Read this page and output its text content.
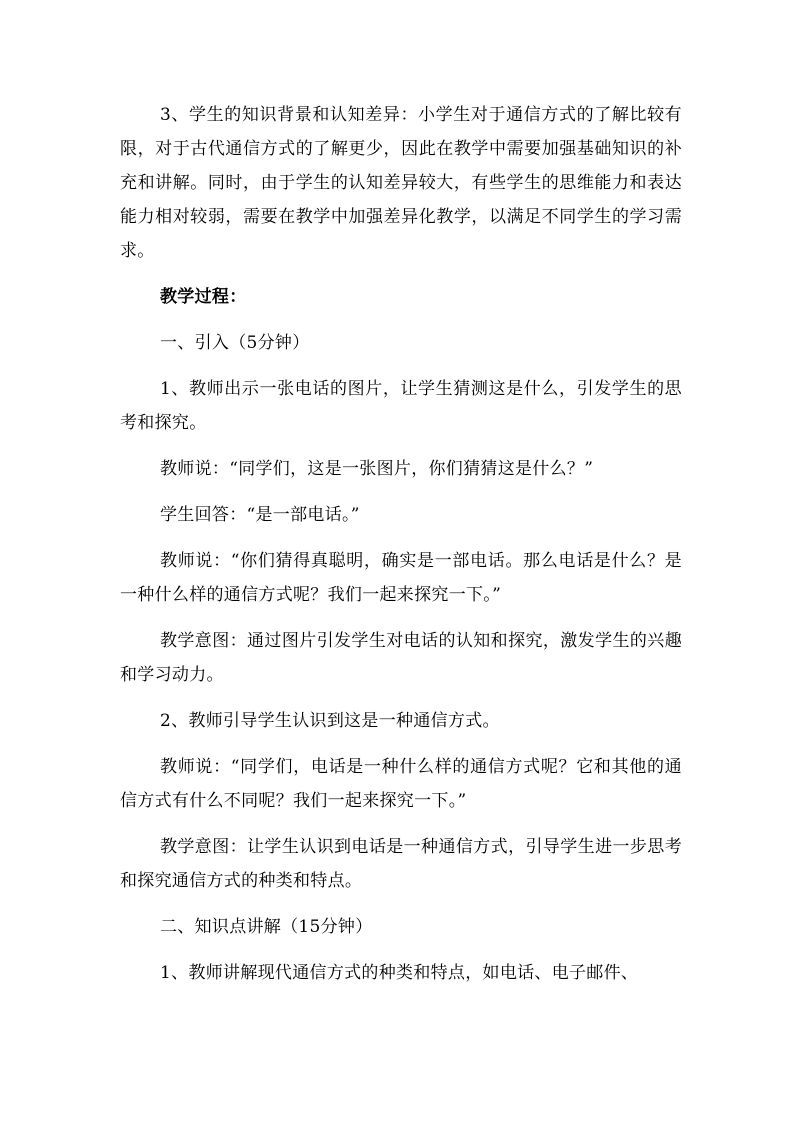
3、学生的知识背景和认知差异：小学生对于通信方式的了解比较有限，对于古代通信方式的了解更少，因此在教学中需要加强基础知识的补充和讲解。同时，由于学生的认知差异较大，有些学生的思维能力和表达能力相对较弱，需要在教学中加强差异化教学，以满足不同学生的学习需求。

教学过程：

一、引入（5分钟）

1、教师出示一张电话的图片，让学生猜测这是什么，引发学生的思考和探究。

教师说：“同学们，这是一张图片，你们猜猜这是什么？”

学生回答：“是一部电话。”

教师说：“你们猜得真聪明，确实是一部电话。那么电话是什么？是一种什么样的通信方式呢？我们一起来探究一下。”

教学意图：通过图片引发学生对电话的认知和探究，激发学生的兴趣和学习动力。

2、教师引导学生认识到这是一种通信方式。

教师说：“同学们，电话是一种什么样的通信方式呢？它和其他的通信方式有什么不同呢？我们一起来探究一下。”

教学意图：让学生认识到电话是一种通信方式，引导学生进一步思考和探究通信方式的种类和特点。

二、知识点讲解（15分钟）

1、教师讲解现代通信方式的种类和特点，如电话、电子邮件、
